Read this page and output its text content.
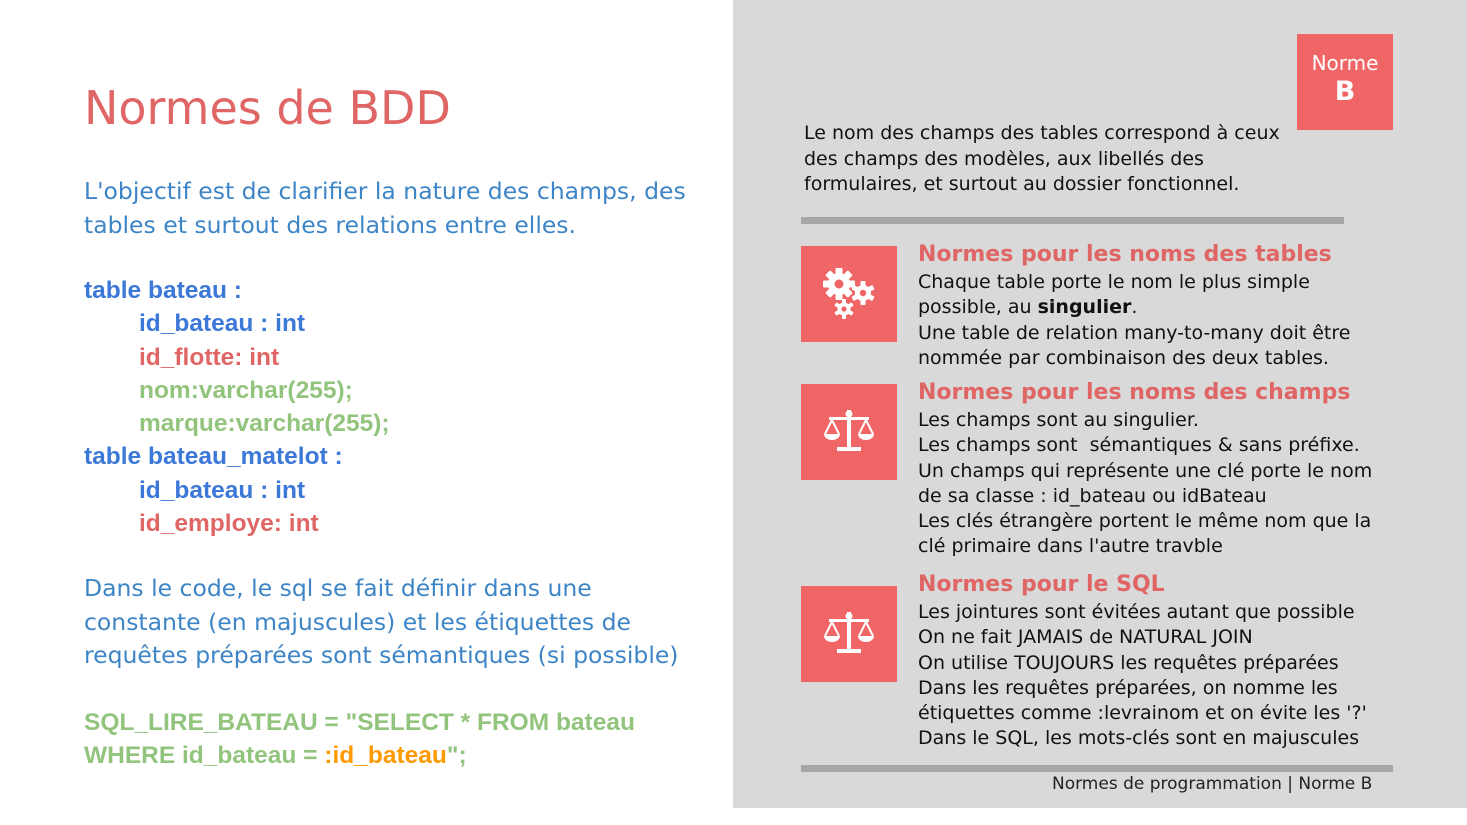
Normes de BDD

L'objectif est de clarifier la nature des champs, des tables et surtout des relations entre elles.

table bateau :
id_bateau : int
id_flotte: int
nom:varchar(255);
marque:varchar(255);
table bateau_matelot :
id_bateau : int
id_employe: int

Dans le code, le sql se fait définir dans une constante (en majuscules) et les étiquettes de requêtes préparées sont sémantiques (si possible)

SQL_LIRE_BATEAU = "SELECT * FROM bateau WHERE id_bateau = :id_bateau";

Norme
B

Le nom des champs des tables correspond à ceux des champs des modèles, aux libellés des formulaires, et surtout au dossier fonctionnel.

Normes pour les noms des tables
Chaque table porte le nom le plus simple possible, au singulier.
Une table de relation many-to-many doit être nommée par combinaison des deux tables.
Normes pour les noms des champs
Les champs sont au singulier.
Les champs sont  sémantiques & sans préfixe.
Un champs qui représente une clé porte le nom
de sa classe : id_bateau ou idBateau
Les clés étrangère portent le même nom que la
clé primaire dans l'autre travble
Normes pour le SQL
Les jointures sont évitées autant que possible
On ne fait JAMAIS de NATURAL JOIN
On utilise TOUJOURS les requêtes préparées
Dans les requêtes préparées, on nomme les
étiquettes comme :levrainom et on évite les '?'
Dans le SQL, les mots-clés sont en majuscules

Normes de programmation | Norme B
